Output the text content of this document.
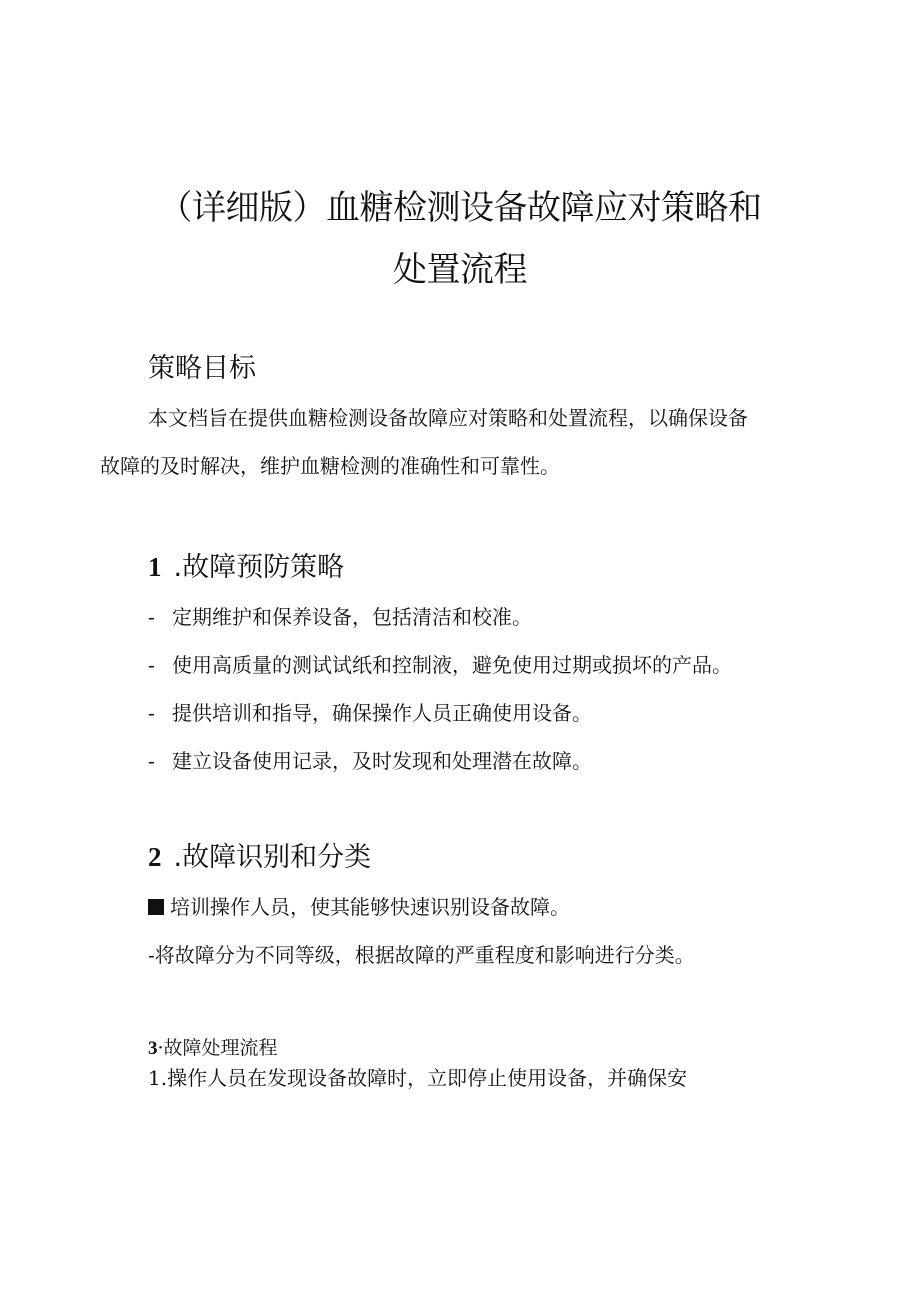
（详细版）血糖检测设备故障应对策略和
处置流程
策略目标
本文档旨在提供血糖检测设备故障应对策略和处置流程，以确保设备
故障的及时解决，维护血糖检测的准确性和可靠性。
1 .故障预防策略
- 定期维护和保养设备，包括清洁和校准。
- 使用高质量的测试试纸和控制液，避免使用过期或损坏的产品。
- 提供培训和指导，确保操作人员正确使用设备。
- 建立设备使用记录，及时发现和处理潜在故障。
2 .故障识别和分类
培训操作人员，使其能够快速识别设备故障。
-将故障分为不同等级，根据故障的严重程度和影响进行分类。
3·故障处理流程
1.操作人员在发现设备故障时，立即停止使用设备，并确保安
